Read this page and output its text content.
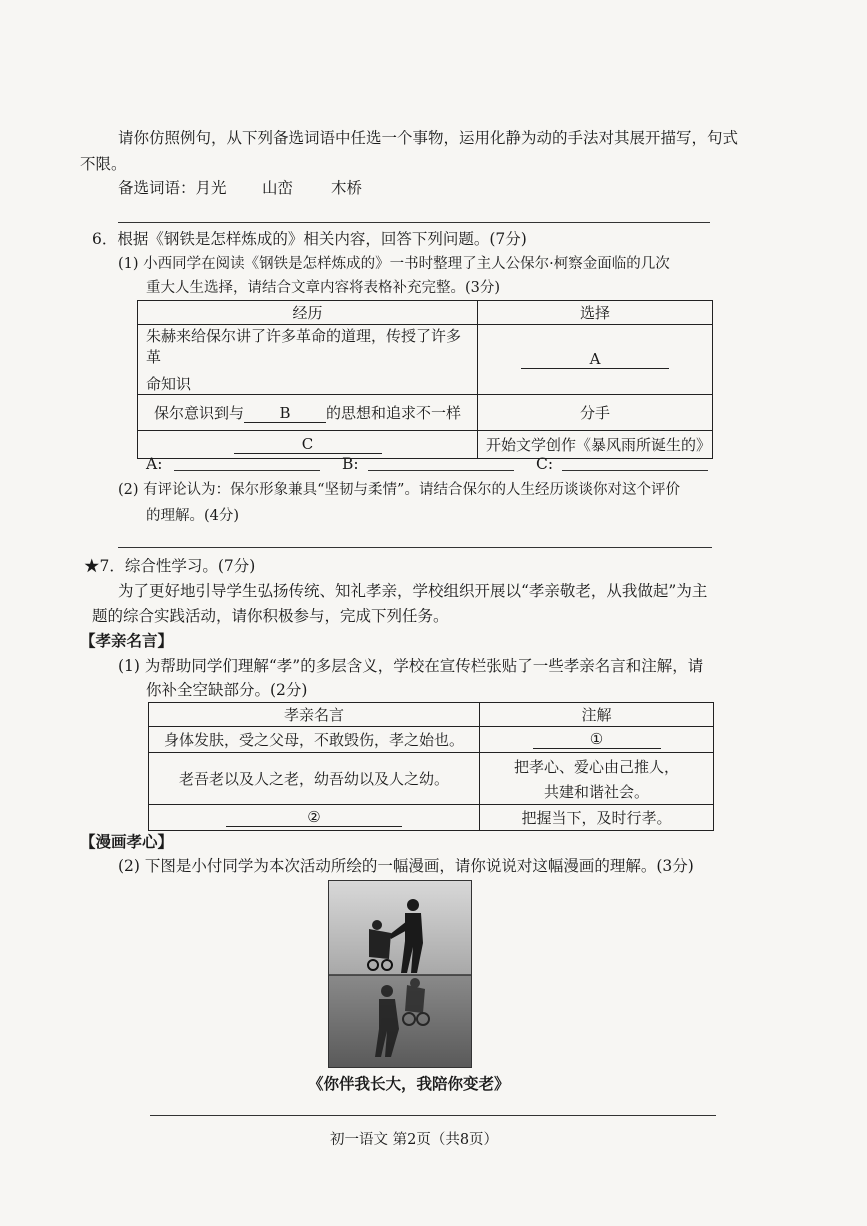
请你仿照例句，从下列备选词语中任选一个事物，运用化静为动的手法对其展开描写，句式
不限。
备选词语：月光 山峦 木桥
6．根据《钢铁是怎样炼成的》相关内容，回答下列问题。(7分)
(1) 小西同学在阅读《钢铁是怎样炼成的》一书时整理了主人公保尔·柯察金面临的几次
重大人生选择，请结合文章内容将表格补充完整。(3分)
经历	选择

朱赫来给保尔讲了许多革命的道理，传授了许多革
命知识	A
保尔意识到与 B 的思想和追求不一样	分手
C	开始文学创作《暴风雨所诞生的》
A:	B:	C:
(2) 有评论认为：保尔形象兼具“坚韧与柔情”。请结合保尔的人生经历谈谈你对这个评价
的理解。(4分)
★7．综合性学习。(7分)
为了更好地引导学生弘扬传统、知礼孝亲，学校组织开展以“孝亲敬老，从我做起”为主
题的综合实践活动，请你积极参与，完成下列任务。
【孝亲名言】
(1) 为帮助同学们理解“孝”的多层含义，学校在宣传栏张贴了一些孝亲名言和注解，请
你补全空缺部分。(2分)
孝亲名言	注解
身体发肤，受之父母，不敢毁伤，孝之始也。	①
老吾老以及人之老，幼吾幼以及人之幼。	把孝心、爱心由己推人，
共建和谐社会。

②	把握当下，及时行孝。
【漫画孝心】
(2) 下图是小付同学为本次活动所绘的一幅漫画，请你说说对这幅漫画的理解。(3分)
《你伴我长大，我陪你变老》
初一语文 第2页（共8页）
